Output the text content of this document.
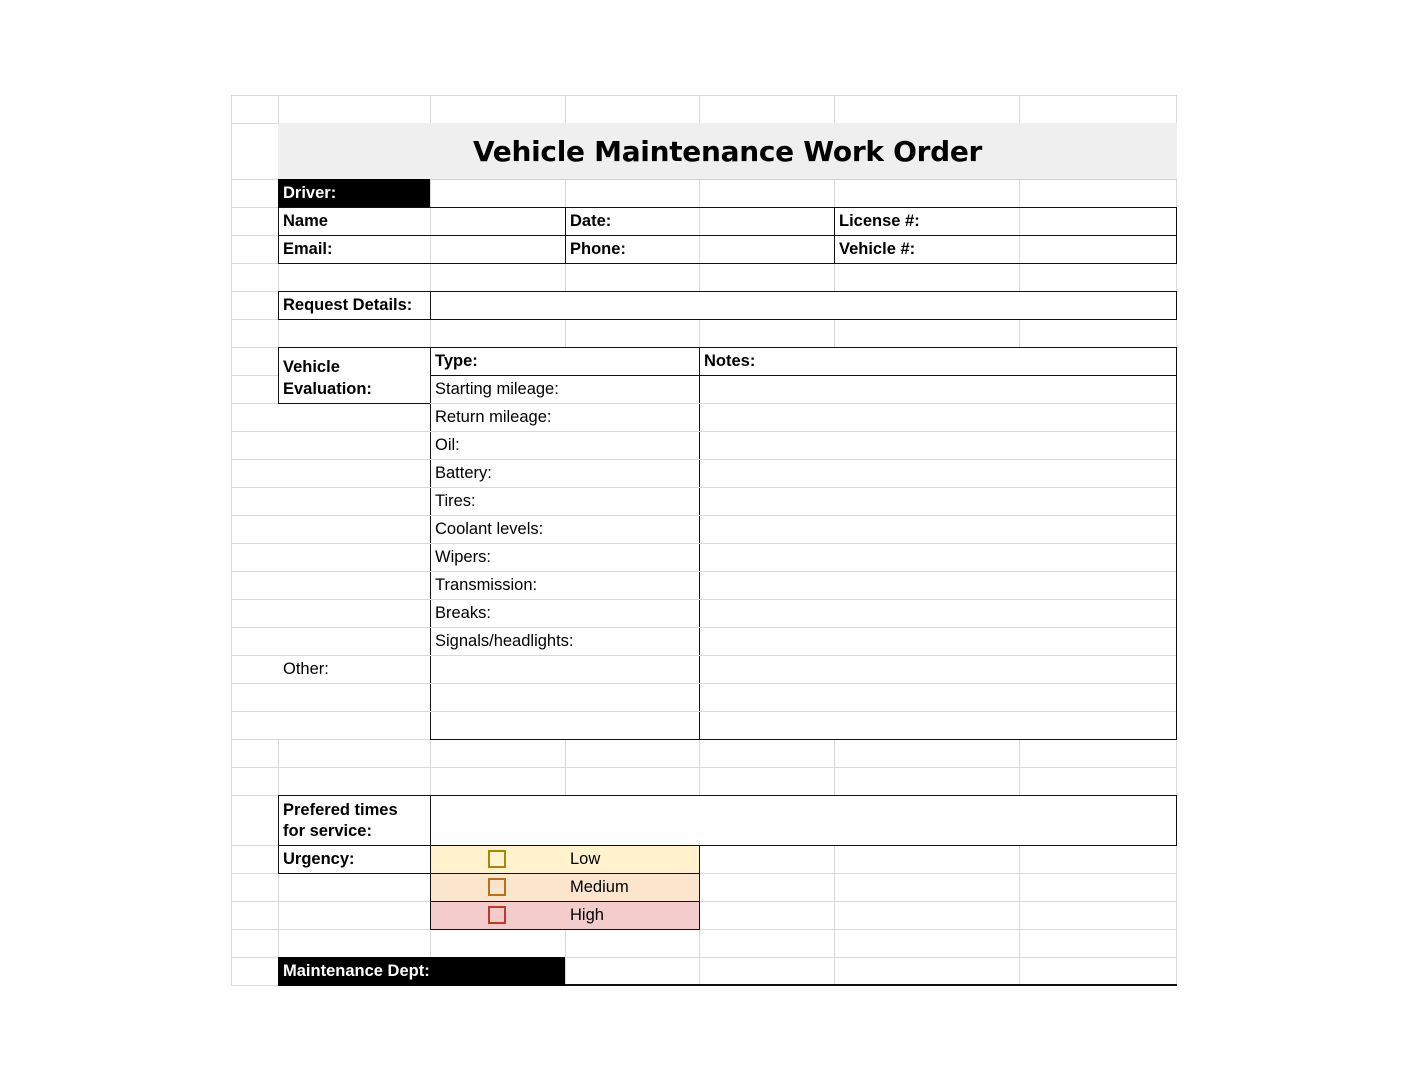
Vehicle Maintenance Work Order
Driver:
Name	Date:	License #:
Email:	Phone:	Vehicle #:
Request Details:
Vehicle
Evaluation:
Type:	Notes:
Starting mileage:
Return mileage:
Oil:
Battery:
Tires:
Coolant levels:
Wipers:
Transmission:
Breaks:
Signals/headlights:
Other:
Prefered times
for service:
Urgency:	Low
Medium
High
Maintenance Dept:
